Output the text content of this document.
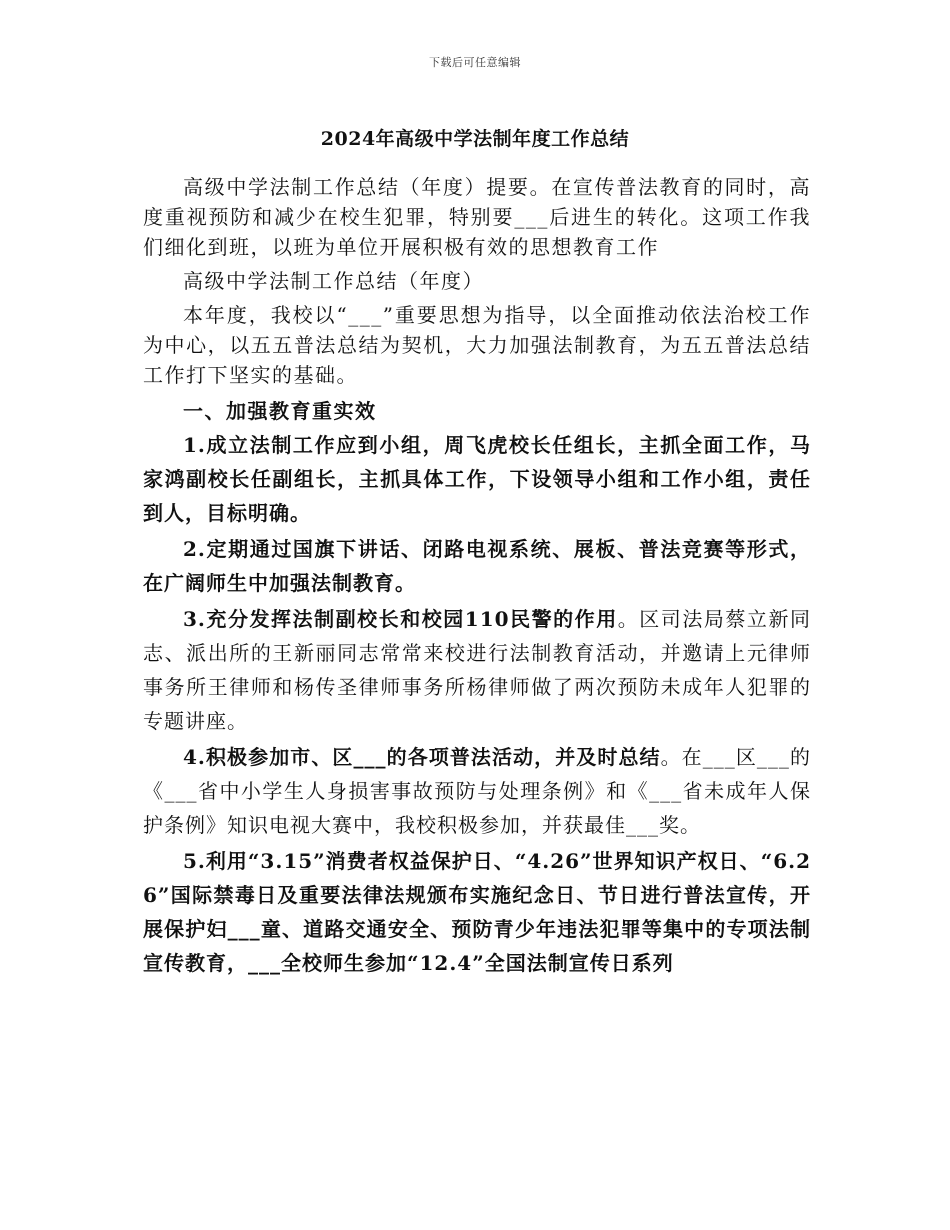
下载后可任意编辑
2024年高级中学法制年度工作总结

高级中学法制工作总结（年度）提要。在宣传普法教育的同时，高度重视预防和减少在校生犯罪，特别要___后进生的转化。这项工作我们细化到班，以班为单位开展积极有效的思想教育工作

高级中学法制工作总结（年度）

本年度，我校以“___”重要思想为指导，以全面推动依法治校工作为中心，以五五普法总结为契机，大力加强法制教育，为五五普法总结工作打下坚实的基础。

一、加强教育重实效

1.成立法制工作应到小组，周飞虎校长任组长，主抓全面工作，马家鸿副校长任副组长，主抓具体工作，下设领导小组和工作小组，责任到人，目标明确。

2.定期通过国旗下讲话、闭路电视系统、展板、普法竞赛等形式，在广阔师生中加强法制教育。

3.充分发挥法制副校长和校园110民警的作用。区司法局蔡立新同志、派出所的王新丽同志常常来校进行法制教育活动，并邀请上元律师事务所王律师和杨传圣律师事务所杨律师做了两次预防未成年人犯罪的专题讲座。

4.积极参加市、区___的各项普法活动，并及时总结。在___区___的《___省中小学生人身损害事故预防与处理条例》和《___省未成年人保护条例》知识电视大赛中，我校积极参加，并获最佳___奖。

5.利用“3.15”消费者权益保护日、“4.26”世界知识产权日、“6.26”国际禁毒日及重要法律法规颁布实施纪念日、节日进行普法宣传，开展保护妇___童、道路交通安全、预防青少年违法犯罪等集中的专项法制宣传教育，___全校师生参加“12.4”全国法制宣传日系列
